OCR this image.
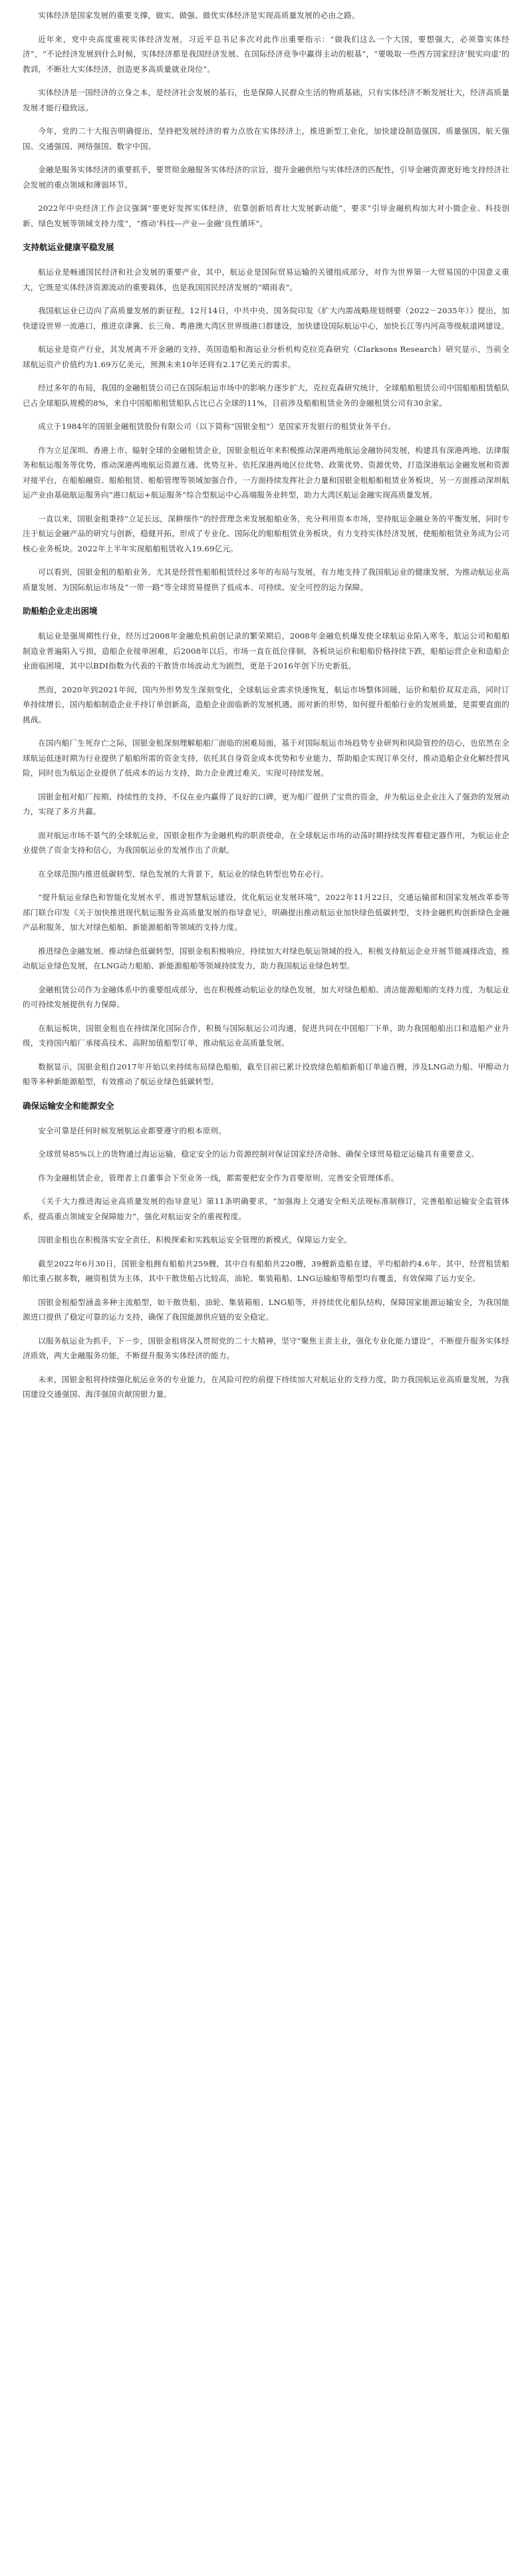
实体经济是国家发展的重要支撑，做实、做强、做优实体经济是实现高质量发展的必由之路。

近年来，党中央高度重视实体经济发展，习近平总书记多次对此作出重要指示：“做我们这么一个大国，要想强大，必须靠实体经济”，“不论经济发展到什么时候，实体经济都是我国经济发展、在国际经济竞争中赢得主动的根基”，“要吸取一些西方国家经济‘脱实向虚’的教训，不断壮大实体经济，创造更多高质量就业岗位”。

实体经济是一国经济的立身之本，是经济社会发展的基石，也是保障人民群众生活的物质基础，只有实体经济不断发展壮大，经济高质量发展才能行稳致远。

今年，党的二十大报告明确提出，坚持把发展经济的着力点放在实体经济上，推进新型工业化，加快建设制造强国、质量强国、航天强国、交通强国、网络强国、数字中国。

金融是服务实体经济的重要抓手，要贯彻金融服务实体经济的宗旨，提升金融供给与实体经济的匹配性，引导金融资源更好地支持经济社会发展的重点领域和薄弱环节。

2022年中央经济工作会议强调“要更好发挥实体经济，依靠创新培育壮大发展新动能”，要求“引导金融机构加大对小微企业、科技创新、绿色发展等领域支持力度”，“推动‘科技—产业—金融’良性循环”。

支持航运业健康平稳发展

航运业是畅通国民经济和社会发展的重要产业，其中，航运业是国际贸易运输的关键组成部分，对作为世界第一大贸易国的中国意义重大，它既是实体经济资源流动的重要载体，也是我国国民经济发展的“晴雨表”。

我国航运业已迈向了高质量发展的新征程。12月14日，中共中央、国务院印发《扩大内需战略规划纲要（2022－2035年）》提出，加快建设世界一流港口，推进京津冀、长三角、粤港澳大湾区世界级港口群建设，加快建设国际航运中心，加快长江等内河高等级航道网建设。

航运业是资产行业，其发展离不开金融的支持，英国造船和海运业分析机构克拉克森研究（Clarksons Research）研究显示，当前全球航运资产价值约为1.69万亿美元，预测未来10年还将有2.17亿美元的需求。

经过多年的布局，我国的金融租赁公司已在国际航运市场中的影响力逐步扩大，克拉克森研究统计，全球船舶租赁公司中国船舶租赁船队已占全球船队规模的8%，来自中国船舶租赁船队占比已占全球的11%，目前涉及船舶租赁业务的金融租赁公司有30余家。

成立于1984年的国银金融租赁股份有限公司（以下简称“国银金租”）是国家开发银行的租赁业务平台。

作为立足深圳、香港上市、辐射全球的金融租赁企业，国银金租近年来积极推动深港两地航运金融协同发展，构建具有深港两地、法律服务和航运服务等优势，推动深港两地航运资源互通、优势互补。依托深港两地区位优势、政策优势、资源优势，打造深港航运金融发展和资源对接平台，在船舶融资、船舶租赁、船舶管理等领域加强合作，一方面持续发挥社会力量和国银金租船舶租赁业务板块，另一方面推动深圳航运产业由基础航运服务向“港口航运+航运服务”综合型航运中心高端服务业转型，助力大湾区航运金融实现高质量发展。

一直以来，国银金租秉持“立足长远，深耕细作”的经营理念来发展船舶业务，充分利用资本市场，坚持航运金融业务的平衡发展，同时专注于航运金融产品的研究与创新，稳健开拓，形成了专业化、国际化的船舶租赁业务板块，有力支持实体经济发展，使船舶租赁业务成为公司核心业务板块。2022年上半年实现船舶租赁收入19.69亿元。

可以看到，国银金租的船舶业务，尤其是经营性船舶租赁经过多年的布局与发展，有力地支持了我国航运业的健康发展，为推动航运业高质量发展、为国际航运市场及“一带一路”等全球贸易提供了低成本、可持续、安全可控的运力保障。

助船舶企业走出困境

航运业是强周期性行业，经历过2008年金融危机前创记录的繁荣期后，2008年金融危机爆发使全球航运业陷入寒冬，航运公司和船舶制造业普遍陷入亏损，造船企业接单困难，后2008年以后，市场一直在低位徘徊，各板块运价和船舶价格持续下跌，船舶运营企业和造船企业面临困境，其中以BDI指数为代表的干散货市场波动尤为剧烈，更是于2016年创下历史新低。

然而，2020年到2021年间，国内外形势发生深刻变化，全球航运业需求快速恢复，航运市场整体回暖，运价和船价双双走高，同时订单持续增长，国内船舶制造企业手持订单创新高，造船企业面临新的发展机遇。面对新的形势，如何提升船舶行业的发展质量，是需要直面的挑战。

在国内船厂生死存亡之际，国银金租深刻理解船舶厂面临的困难局面，基于对国际航运市场趋势专业研判和风险管控的信心，也依然在全球航运低迷时期为行业提供了船舶所需的资金支持，依托其自身资金成本优势和专业能力，帮助船企实现订单交付，推动造船企业化解经营风险，同时也为航运企业提供了低成本的运力支持，助力企业渡过难关，实现可持续发展。

国银金租对船厂按期、持续性的支持，不仅在业内赢得了良好的口碑，更为船厂提供了宝贵的资金，并为航运业企业注入了强劲的发展动力，实现了多方共赢。

面对航运市场不景气的全球航运业，国银金租作为金融机构的职责使命，在全球航运市场的动荡时期持续发挥着稳定器作用，为航运业企业提供了资金支持和信心，为我国航运业的发展作出了贡献。

在全球范围内推进低碳转型、绿色发展的大背景下，航运业的绿色转型也势在必行。

“提升航运业绿色和智能化发展水平，推进智慧航运建设，优化航运业发展环境”，2022年11月22日，交通运输部和国家发展改革委等部门联合印发《关于加快推进现代航运服务业高质量发展的指导意见》，明确提出推动航运业加快绿色低碳转型，支持金融机构创新绿色金融产品和服务，加大对绿色船舶、新能源船舶等领域的支持力度。

推进绿色金融发展、推动绿色低碳转型，国银金租积极响应，持续加大对绿色航运领域的投入，积极支持航运企业开展节能减排改造，推动航运业绿色发展，在LNG动力船舶、新能源船舶等领域持续发力，助力我国航运业绿色转型。

金融租赁公司作为金融体系中的重要组成部分，也在积极推动航运业的绿色发展，加大对绿色船舶、清洁能源船舶的支持力度，为航运业的可持续发展提供有力保障。

在航运板块，国银金租也在持续深化国际合作，积极与国际航运公司沟通，促进共同在中国船厂下单，助力我国船舶出口和造船产业升级，支持国内船厂承接高技术、高附加值船型订单，推动航运业高质量发展。

数据显示，国银金租自2017年开始以来持续布局绿色船舶，截至目前已累计投放绿色船舶新船订单逾百艘，涉及LNG动力船、甲醇动力船等多种新能源船型，有效推动了航运业绿色低碳转型。

确保运输安全和能源安全

安全可靠是任何时候发展航运业都要遵守的根本原则。

全球贸易85%以上的货物通过海运运输，稳定安全的运力资源控制对保证国家经济命脉、确保全球贸易稳定运输具有重要意义。

作为金融租赁企业，管理者上自董事会下至业务一线，都需要把安全作为首要原则，完善安全管理体系。

《关于大力推进海运业高质量发展的指导意见》第11条明确要求，“加强海上交通安全相关法规标准制修订，完善船舶运输安全监管体系，提高重点领域安全保障能力”，强化对航运安全的重视程度。

国银金租也在积极落实安全责任，积极探索和实践航运安全管理的新模式，保障运力安全。

截至2022年6月30日，国银金租拥有船舶共259艘，其中自有船舶共220艘，39艘新造船在建，平均船龄约4.6年。其中，经营租赁船舶比重占据多数，融资租赁为主体，其中干散货船占比较高，油轮、集装箱船、LNG运输船等船型均有覆盖，有效保障了运力安全。

国银金租船型涵盖多种主流船型，如干散货船、油轮、集装箱船、LNG船等，并持续优化船队结构，保障国家能源运输安全，为我国能源进口提供了稳定可靠的运力支持，确保了我国能源供应链的安全稳定。

以服务航运业为抓手，下一步，国银金租将深入贯彻党的二十大精神，坚守“聚焦主责主业，强化专业化能力建设”，不断提升服务实体经济质效，两大金融服务功能，不断提升服务实体经济的能力。

未来，国银金租将持续强化航运业务的专业能力，在风险可控的前提下持续加大对航运业的支持力度，助力我国航运业高质量发展，为我国建设交通强国、海洋强国贡献国银力量。
